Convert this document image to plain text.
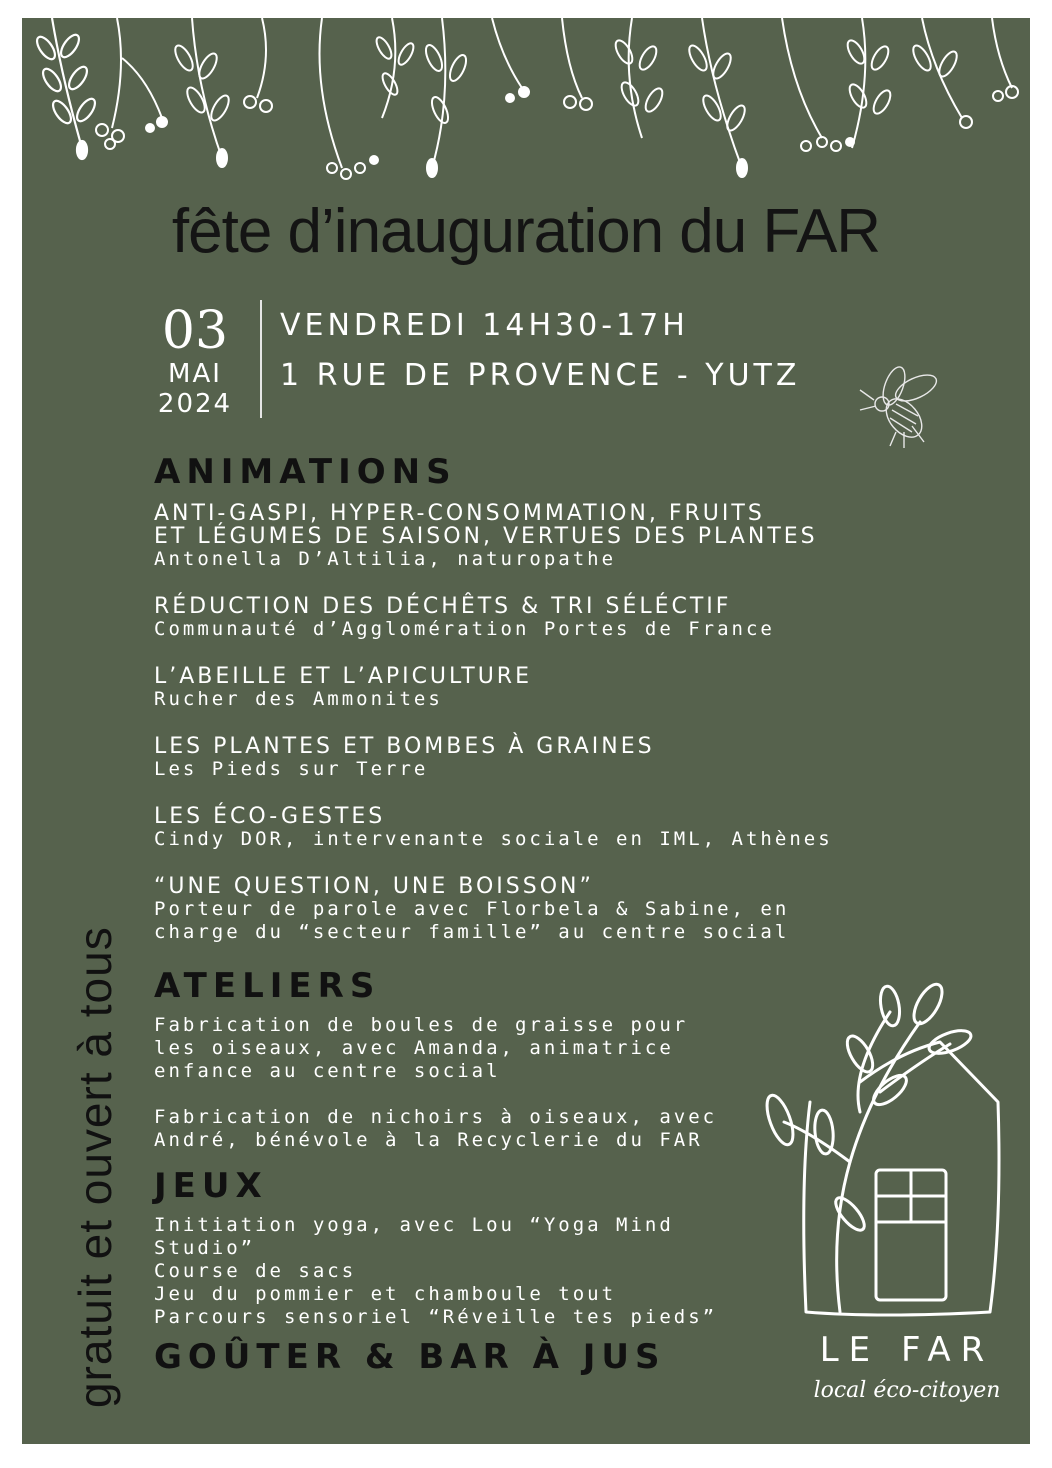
fête d’inauguration du FAR
03
MAI
2024

VENDREDI 14H30-17H

1 RUE DE PROVENCE - YUTZ

gratuit et ouvert à tous
ANIMATIONS
ANTI-GASPI, HYPER-CONSOMMATION, FRUITS
ET LÉGUMES DE SAISON, VERTUES DES PLANTES
Antonella D’Altilia, naturopathe
RÉDUCTION DES DÉCHÊTS & TRI SÉLÉCTIF
Communauté d’Agglomération Portes de France
L’ABEILLE ET L’APICULTURE
Rucher des Ammonites
LES PLANTES ET BOMBES À GRAINES
Les Pieds sur Terre
LES ÉCO-GESTES
Cindy DOR, intervenante sociale en IML, Athènes
“UNE QUESTION, UNE BOISSON”
Porteur de parole avec Florbela & Sabine, en
charge du “secteur famille” au centre social
ATELIERS
Fabrication de boules de graisse pour
les oiseaux, avec Amanda, animatrice
enfance au centre social
Fabrication de nichoirs à oiseaux, avec
André, bénévole à la Recyclerie du FAR
JEUX
Initiation yoga, avec Lou “Yoga Mind
Studio”
Course de sacs
Jeu du pommier et chamboule tout
Parcours sensoriel “Réveille tes pieds”
GOÛTER & BAR À JUS	LE FAR

local éco-citoyen
